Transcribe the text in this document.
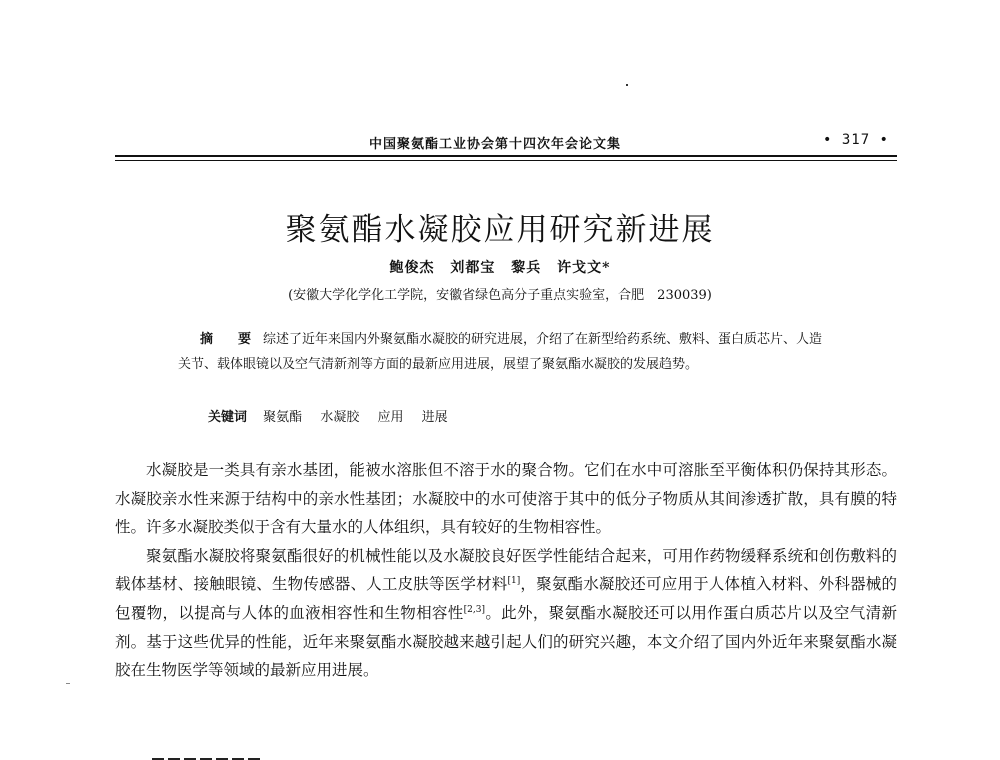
中国聚氨酯工业协会第十四次年会论文集	• 317 •
聚氨酯水凝胶应用研究新进展
鲍俊杰 刘都宝 黎兵 许戈文*
(安徽大学化学化工学院，安徽省绿色高分子重点实验室，合肥　230039)
摘　要 综述了近年来国内外聚氨酯水凝胶的研究进展，介绍了在新型给药系统、敷料、蛋白质芯片、人造关节、载体眼镜以及空气清新剂等方面的最新应用进展，展望了聚氨酯水凝胶的发展趋势。
关键词 聚氨酯 水凝胶 应用 进展

水凝胶是一类具有亲水基团，能被水溶胀但不溶于水的聚合物。它们在水中可溶胀至平衡体积仍保持其形态。水凝胶亲水性来源于结构中的亲水性基团；水凝胶中的水可使溶于其中的低分子物质从其间渗透扩散，具有膜的特性。许多水凝胶类似于含有大量水的人体组织，具有较好的生物相容性。

聚氨酯水凝胶将聚氨酯很好的机械性能以及水凝胶良好医学性能结合起来，可用作药物缓释系统和创伤敷料的载体基材、接触眼镜、生物传感器、人工皮肤等医学材料[1]，聚氨酯水凝胶还可应用于人体植入材料、外科器械的包覆物，以提高与人体的血液相容性和生物相容性[2,3]。此外，聚氨酯水凝胶还可以用作蛋白质芯片以及空气清新剂。基于这些优异的性能，近年来聚氨酯水凝胶越来越引起人们的研究兴趣，本文介绍了国内外近年来聚氨酯水凝胶在生物医学等领域的最新应用进展。
